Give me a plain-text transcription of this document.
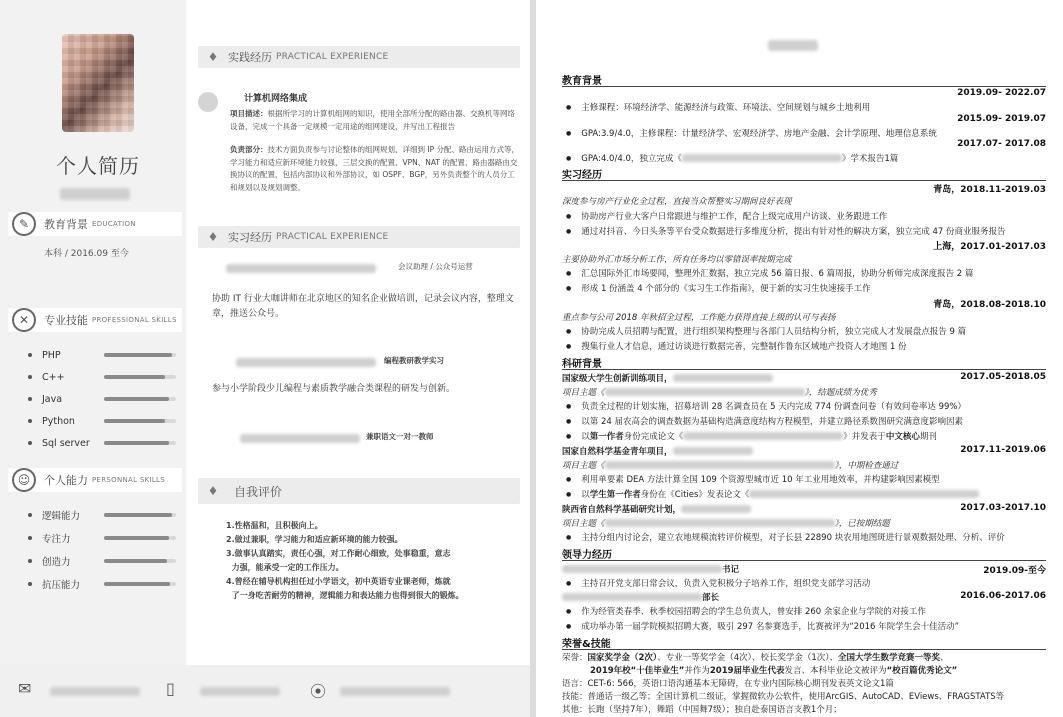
个人简历
✎	教育背景 EDUCATION
本科 / 2016.09 至今
✕	专业技能 PROFESSIONAL SKILLS
PHP
C++
Java
Python
Sql server
☺	个人能力 PERSONNAL SKILLS
逻辑能力
专注力
创造力
抗压能力
♦ 实践经历 PRACTICAL EXPERIENCE
计算机网络集成
项目描述：根据所学习的计算机组网的知识，使用全部所分配的路由器、交换机等网络设备，完成一个具备一定规模一定用途的组网建设，并写出工程报告
负责部分：技术方面负责参与讨论整体的组网规划，详细到 IP 分配、路由运用方式等，学习能力和适应新环境能力较强，三层交换的配置、VPN、NAT 的配置、路由器路由交换协议的配置，包括内部协议和外部协议，如 OSPF、BGP，另外负责整个的人员分工和规划以及规划调整。
♦ 实习经历 PRACTICAL EXPERIENCE
会议助理 / 公众号运营
协助 IT 行业大咖讲师在北京地区的知名企业做培训，记录会议内容，整理文章，推送公众号。
编程教研教学实习
参与小学阶段少儿编程与素质教学融合类课程的研发与创新。
兼职语文一对一教师
♦	自我评价
1.性格温和，且积极向上。
2.做过兼职，学习能力和适应新环境的能力较强。
3.做事认真踏实，责任心强，对工作耐心细致，处事稳重，意志
力强，能承受一定的工作压力。
4.曾经在辅导机构担任过小学语文，初中英语专业课老师，炼就
了一身吃苦耐劳的精神，逻辑能力和表达能力也得到很大的锻炼。
✉	▯	⦿
教育背景
2019.09- 2022.07
● 主修课程：环境经济学、能源经济与政策、环境法、空间规划与城乡土地利用
2015.09- 2019.07
● GPA:3.9/4.0，主修课程：计量经济学、宏观经济学、房地产金融、会计学原理、地理信息系统
2017.07- 2017.08
● GPA:4.0/4.0，独立完成《	》学术报告1篇
实习经历
青岛，2018.11-2019.03
深度参与房产行业化全过程，直接当众帮整实习期间良好表现
● 协助房产行业大客户日常跟进与维护工作，配合上级完成用户访谈、业务跟进工作
● 通过对抖音、今日头条等平台受众数据进行多维度分析，提出有针对性的解决方案，独立完成 47 份商业服务报告
上海，2017.01-2017.03
主要协助外汇市场分析工作，所有任务均以零错误率按期完成
● 汇总国际外汇市场要闻，整理外汇数据，独立完成 56 篇日报、6 篇周报，协助分析师完成深度报告 2 篇
● 形成 1 份涵盖 4 个部分的《实习生工作指南》，便于新的实习生快速接手工作
青岛，2018.08-2018.10
重点参与公司 2018 年秋招全过程，工作能力获得直接上级的认可与表扬
● 协助完成人员招聘与配置，进行组织架构整理与各部门人员结构分析，独立完成人才发展盘点报告 9 篇
● 搜集行业人才信息，通过访谈进行数据完善，完整制作鲁东区域地产投资人才地图 1 份
科研背景
国家级大学生创新训练项目，	2017.05-2018.05
项目主题《	》，结题成绩为优秀
● 负责全过程的计划实施，招募培训 28 名调查员在 5 天内完成 774 份调查问卷（有效问卷率达 99%）
● 以第 24 届农高会的调查数据为基础构造满意度结构方程模型，并建立路径系数图研究满意度影响因素
● 以第一作者身份完成论文《	》并发表于中文核心期刊
国家自然科学基金青年项目，	2017.11-2019.06
项目主题《	》，中期检查通过
● 利用单要素 DEA 方法计算全国 109 个资源型城市近 10 年工业用地效率，并构建影响因素模型
● 以学生第一作者身份在《Cities》发表论文《
陕西省自然科学基础研究计划，	2017.03-2017.10
项目主题《	》，已按期结题
● 主持分组内讨论会，建立农地规模流转评价模型，对子长县 22890 块农用地图斑进行景观数据处理、分析、评价
领导力经历
书记	2019.09-至今
● 主持召开党支部日常会议，负责入党积极分子培养工作，组织党支部学习活动
部长	2016.06-2017.06
● 作为经管类春季、秋季校园招聘会的学生总负责人，曾安排 260 余家企业与学院的对接工作
● 成功举办第一届学院模拟招聘大赛，吸引 297 名参赛选手，比赛被评为“2016 年院学生会十佳活动”
荣誉&技能
荣誉：国家奖学金（2次）、专业一等奖学金（4次）、校长奖学金（1次）、全国大学生数学竞赛一等奖、
2019年校“十佳毕业生”并作为2019届毕业生代表发言、本科毕业论文被评为“校百篇优秀论文”
语言：CET-6: 566，英语口语沟通基本无障碍，在专业内国际核心期刊发表英文论文1篇
技能：普通话一级乙等；全国计算机二级证，掌握微软办公软件，使用ArcGIS、AutoCAD、EViews、FRAGSTATS等
其他：长跑（坚持7年），舞蹈（中国舞7级）；独自赴泰国语言支教1个月；
